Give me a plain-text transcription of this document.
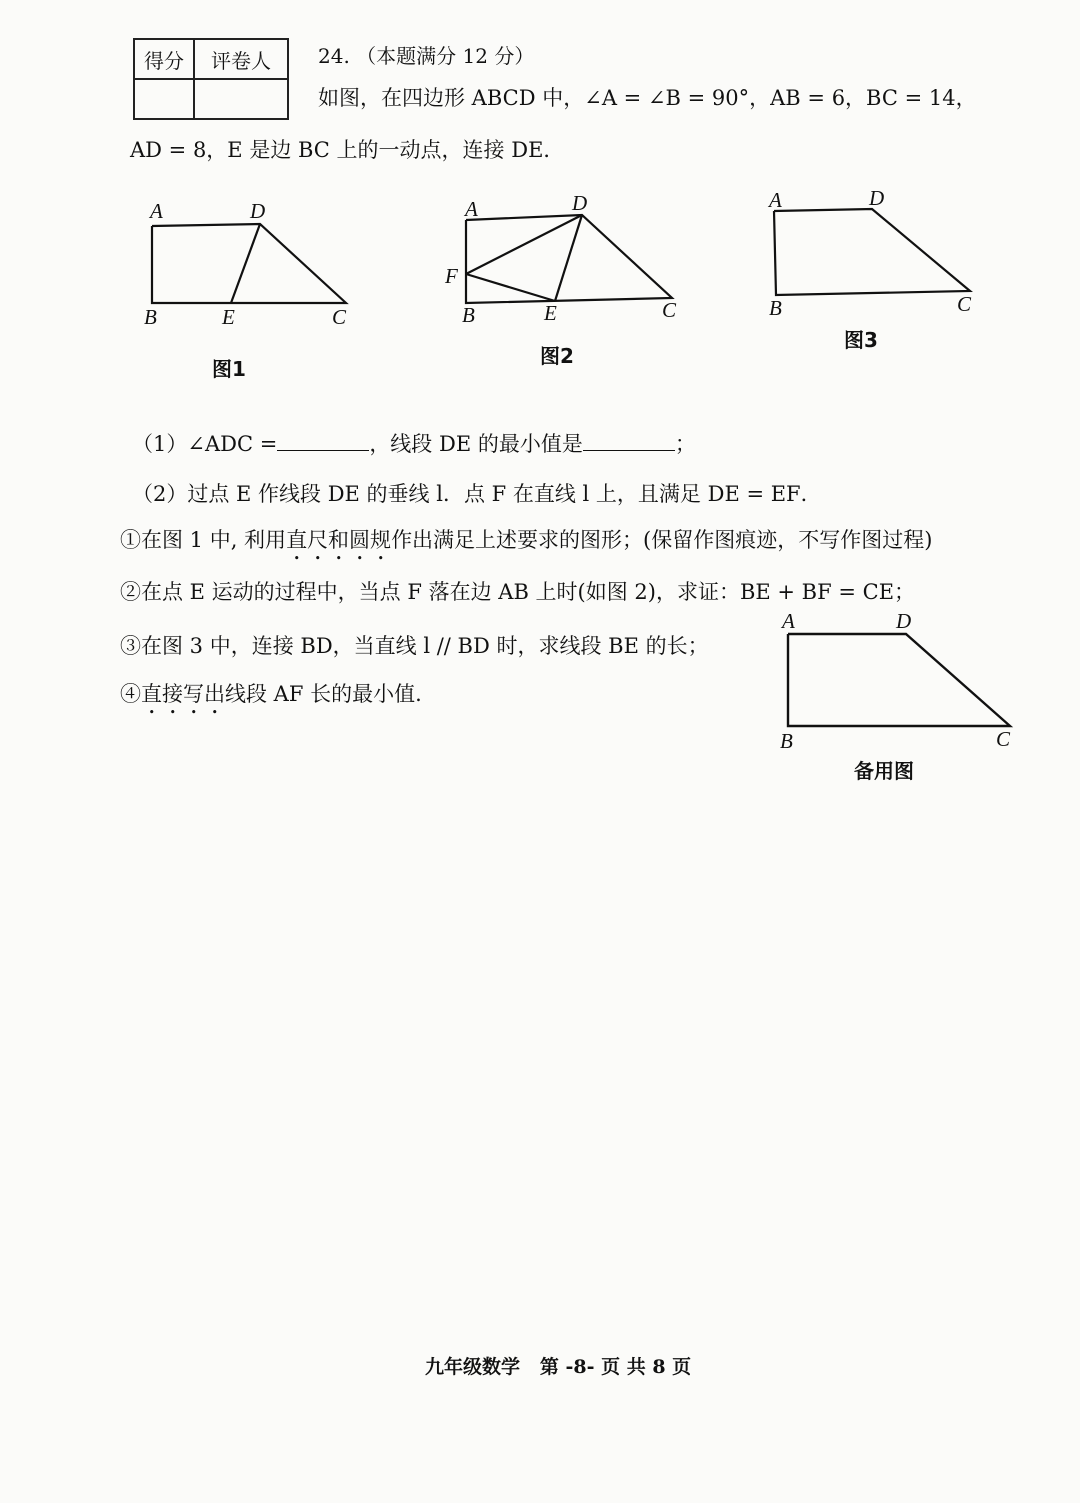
得分	评卷人
	24. （本题满分 12 分）
如图，在四边形 ABCD 中，∠A = ∠B = 90°，AB = 6，BC = 14，
AD = 8，E 是边 BC 上的一动点，连接 DE．
A	D
B	E	C
图1
A	D
F
B	E	C
图2
A	D
B	C
图3
（1）∠ADC =	，线段 DE 的最小值是	；
（2）过点 E 作线段 DE 的垂线 l．点 F 在直线 l 上，且满足 DE = EF．
①在图 1 中, 利用直尺和圆规作出满足上述要求的图形；(保留作图痕迹，不写作图过程)
②在点 E 运动的过程中，当点 F 落在边 AB 上时(如图 2)，求证：BE + BF = CE；
③在图 3 中，连接 BD，当直线 l // BD 时，求线段 BE 的长；
④直接写出线段 AF 长的最小值.
A	D
B	C
备用图
九年级数学 第 -8- 页 共 8 页
